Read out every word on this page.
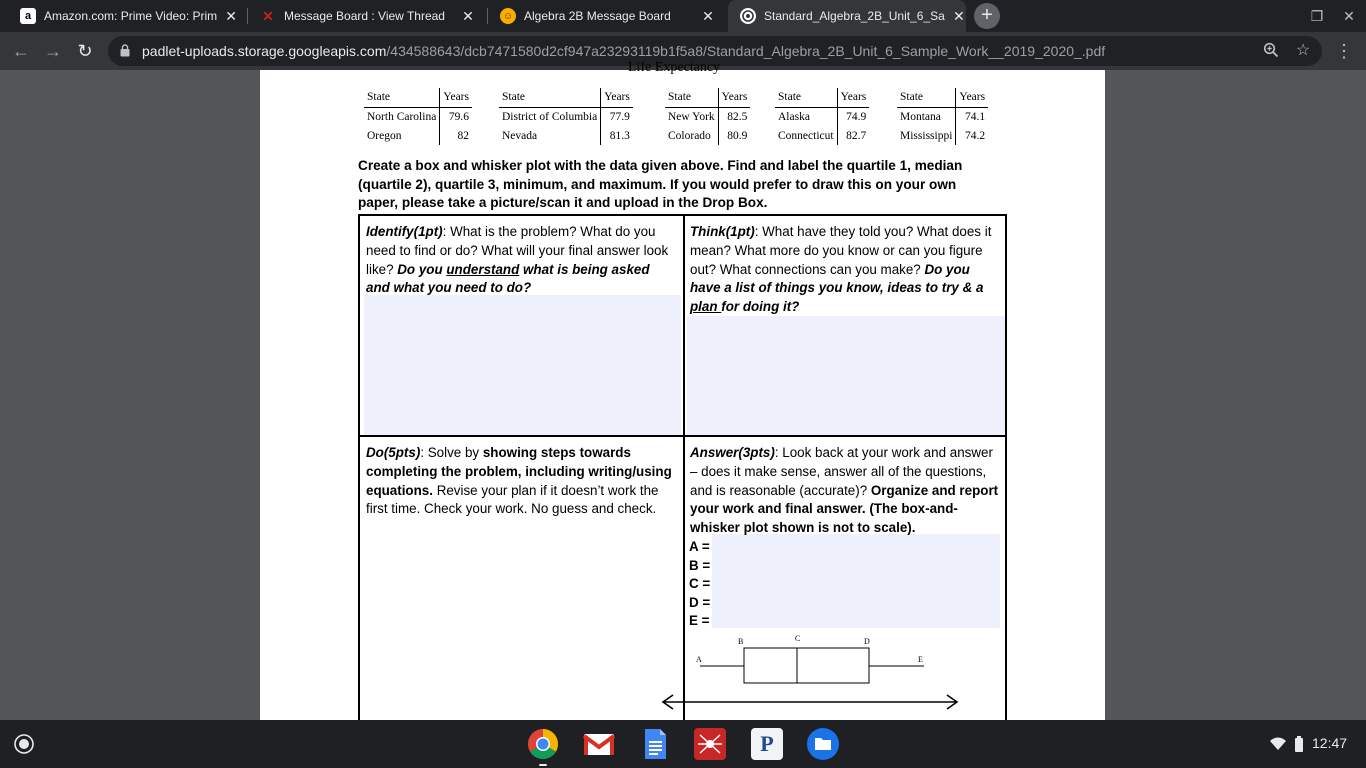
a	Amazon.com: Prime Video: Prim ✕ ✕ Message Board : View Thread	✕	☺ Algebra 2B Message Board	✕	Standard_Algebra_2B_Unit_6_Sa ✕ +	❐ ✕
← → ↻	padlet-uploads.storage.googleapis.com/434588643/dcb7471580d2cf947a23293119b1f5a8/Standard_Algebra_2B_Unit_6_Sample_Work__2019_2020_.pdf	☆ ⋮
Life Expectancy
State	Years
North Carolina	79.6
Oregon	82
State	Years
District of Columbia	77.9
Nevada	81.3
State	Years
New York	82.5
Colorado	80.9
State	Years
Alaska	74.9
Connecticut	82.7
State	Years
Montana	74.1
Mississippi	74.2
Create a box and whisker plot with the data given above. Find and label the quartile 1, median (quartile 2), quartile 3, minimum, and maximum. If you would prefer to draw this on your own paper, please take a picture/scan it and upload in the Drop Box.
Identify(1pt): What is the problem? What do you need to find or do? What will your final answer look like? Do you understand what is being asked and what you need to do?
Think(1pt): What have they told you? What does it mean? What more do you know or can you figure out? What connections can you make? Do you have a list of things you know, ideas to try & a plan for doing it?
Do(5pts): Solve by showing steps towards completing the problem, including writing/using equations. Revise your plan if it doesn’t work the first time. Check your work. No guess and check.
Answer(3pts): Look back at your work and answer – does it make sense, answer all of the questions, and is reasonable (accurate)? Organize and report your work and final answer. (The box-and-whisker plot shown is not to scale).
A =
B =
C =
D =
E =
B	C	D
A	E
P	12:47
